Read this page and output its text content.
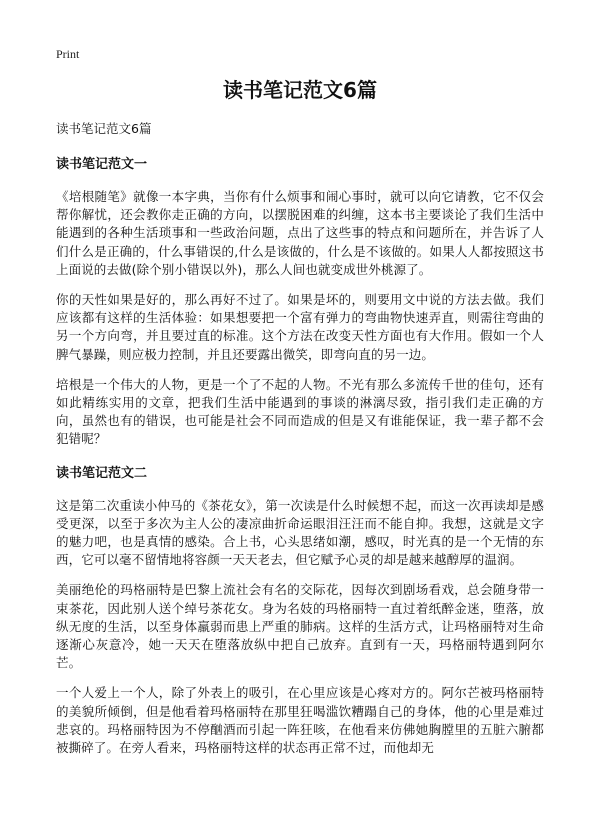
Print
读书笔记范文6篇
读书笔记范文6篇
读书笔记范文一

《培根随笔》就像一本字典，当你有什么烦事和闹心事时，就可以向它请教，它不仅会帮你解忧，还会教你走正确的方向，以摆脱困难的纠缠，这本书主要谈论了我们生活中能遇到的各种生活琐事和一些政治问题，点出了这些事的特点和问题所在，并告诉了人们什么是正确的，什么事错误的,什么是该做的，什么是不该做的。如果人人都按照这书上面说的去做(除个别小错误以外)，那么人间也就变成世外桃源了。

你的天性如果是好的，那么再好不过了。如果是坏的，则要用文中说的方法去做。我们应该都有这样的生活体验：如果想要把一个富有弹力的弯曲物快速弄直，则需往弯曲的另一个方向弯，并且要过直的标准。这个方法在改变天性方面也有大作用。假如一个人脾气暴躁，则应极力控制，并且还要露出微笑，即弯向直的另一边。

培根是一个伟大的人物，更是一个了不起的人物。不光有那么多流传千世的佳句，还有如此精练实用的文章，把我们生活中能遇到的事谈的淋漓尽致，指引我们走正确的方向，虽然也有的错误，也可能是社会不同而造成的但是又有谁能保证，我一辈子都不会犯错呢？

读书笔记范文二

这是第二次重读小仲马的《茶花女》，第一次读是什么时候想不起，而这一次再读却是感受更深，以至于多次为主人公的凄凉曲折命运眼泪汪汪而不能自抑。我想，这就是文字的魅力吧，也是真情的感染。合上书，心头思绪如潮，感叹，时光真的是一个无情的东西，它可以毫不留情地将容颜一天天老去，但它赋予心灵的却是越来越醇厚的温润。

美丽绝伦的玛格丽特是巴黎上流社会有名的交际花，因每次到剧场看戏，总会随身带一束茶花，因此别人送个绰号茶花女。身为名妓的玛格丽特一直过着纸醉金迷，堕落，放纵无度的生活，以至身体羸弱而患上严重的肺病。这样的生活方式，让玛格丽特对生命逐渐心灰意冷，她一天天在堕落放纵中把自己放弃。直到有一天，玛格丽特遇到阿尔芒。

一个人爱上一个人，除了外表上的吸引，在心里应该是心疼对方的。阿尔芒被玛格丽特的美貌所倾倒，但是他看着玛格丽特在那里狂喝滥饮糟蹋自己的身体，他的心里是难过悲哀的。玛格丽特因为不停酗酒而引起一阵狂咳，在他看来仿佛她胸膛里的五脏六腑都被撕碎了。在旁人看来，玛格丽特这样的状态再正常不过，而他却无
